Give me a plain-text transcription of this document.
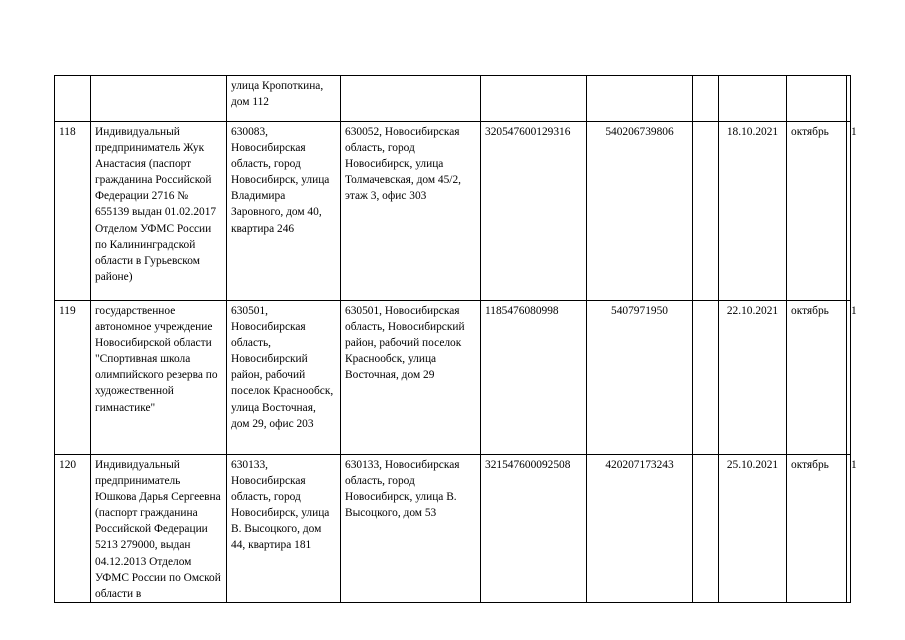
		улица Кропоткина, дом 112							
118	Индивидуальный предприниматель Жук Анастасия (паспорт гражданина Российской Федерации 2716 № 655139 выдан 01.02.2017 Отделом УФМС России по Калининградской области в Гурьевском районе)	630083, Новосибирская область, город Новосибирск, улица Владимира Заровного, дом 40, квартира 246	630052, Новосибирская область, город Новосибирск, улица Толмачевская, дом 45/2, этаж 3, офис 303	320547600129316	540206739806		18.10.2021	октябрь	1
119	государственное автономное учреждение Новосибирской области "Спортивная школа олимпийского резерва по художественной гимнастике"	630501, Новосибирская область, Новосибирский район, рабочий поселок Краснообск, улица Восточная, дом 29, офис 203	630501, Новосибирская область, Новосибирский район, рабочий поселок Краснообск, улица Восточная, дом 29	1185476080998	5407971950		22.10.2021	октябрь	1
120	Индивидуальный предприниматель Юшкова Дарья Сергеевна (паспорт гражданина Российской Федерации 5213 279000, выдан 04.12.2013 Отделом УФМС России по Омской области в	630133, Новосибирская область, город Новосибирск, улица В. Высоцкого, дом 44, квартира 181	630133, Новосибирская область, город Новосибирск, улица В. Высоцкого, дом 53	321547600092508	420207173243		25.10.2021	октябрь	1
